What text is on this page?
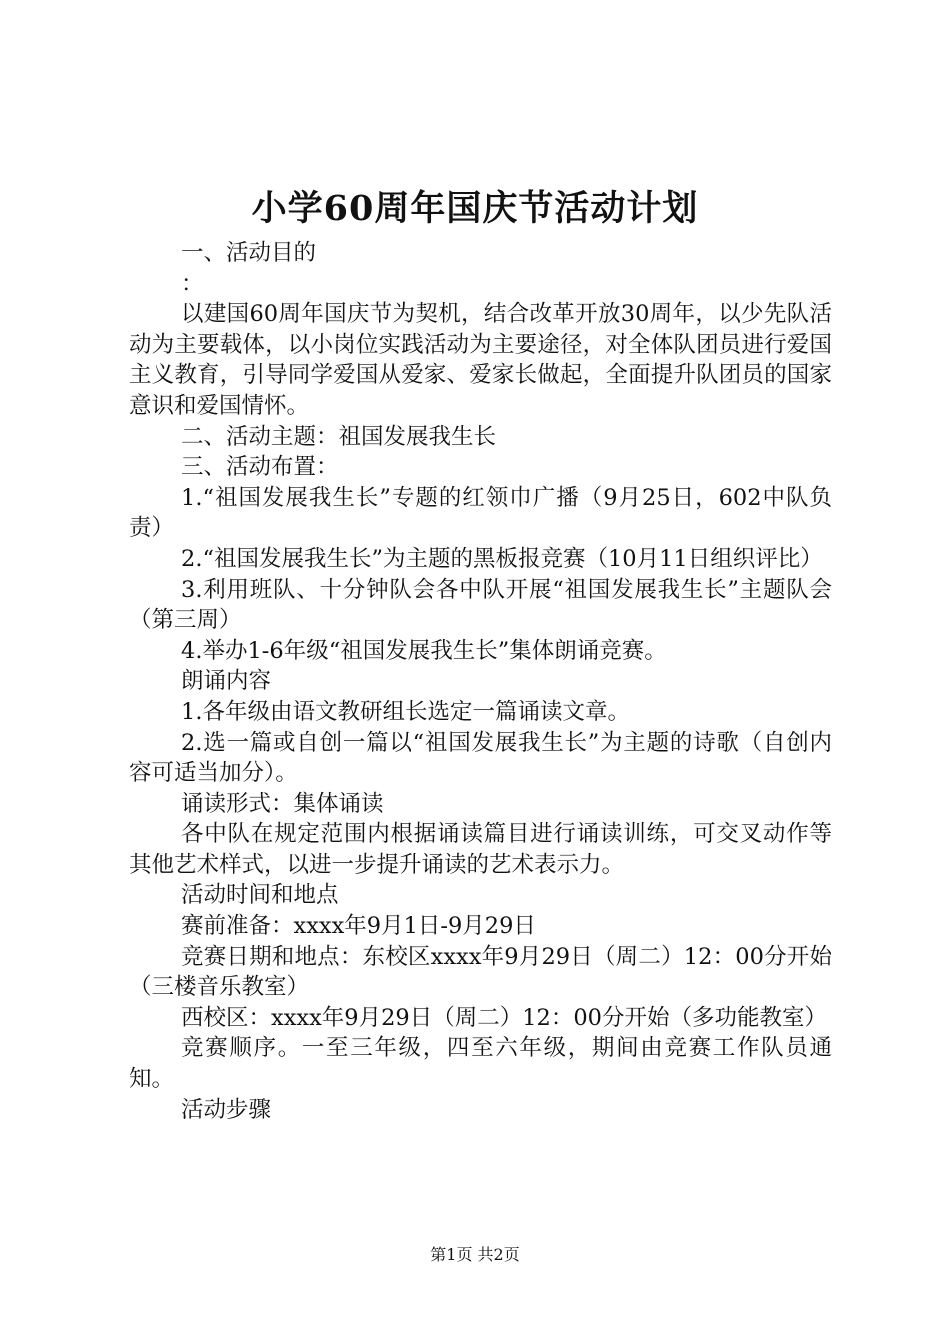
小学60周年国庆节活动计划

一、活动目的

：

以建国60周年国庆节为契机，结合改革开放30周年，以少先队活动为主要载体，以小岗位实践活动为主要途径，对全体队团员进行爱国主义教育，引导同学爱国从爱家、爱家长做起，全面提升队团员的国家意识和爱国情怀。

二、活动主题：祖国发展我生长

三、活动布置：

1.“祖国发展我生长”专题的红领巾广播（9月25日，602中队负责）

2.“祖国发展我生长”为主题的黑板报竞赛（10月11日组织评比）

3.利用班队、十分钟队会各中队开展“祖国发展我生长”主题队会（第三周）

4.举办1-6年级“祖国发展我生长”集体朗诵竞赛。

朗诵内容

1.各年级由语文教研组长选定一篇诵读文章。

2.选一篇或自创一篇以“祖国发展我生长”为主题的诗歌（自创内容可适当加分）。

诵读形式：集体诵读

各中队在规定范围内根据诵读篇目进行诵读训练，可交叉动作等其他艺术样式，以进一步提升诵读的艺术表示力。

活动时间和地点

赛前准备：xxxx年9月1日-9月29日

竞赛日期和地点：东校区xxxx年9月29日（周二）12：00分开始（三楼音乐教室）

西校区：xxxx年9月29日（周二）12：00分开始（多功能教室）

竞赛顺序。一至三年级，四至六年级，期间由竞赛工作队员通知。

活动步骤

第1页 共2页
